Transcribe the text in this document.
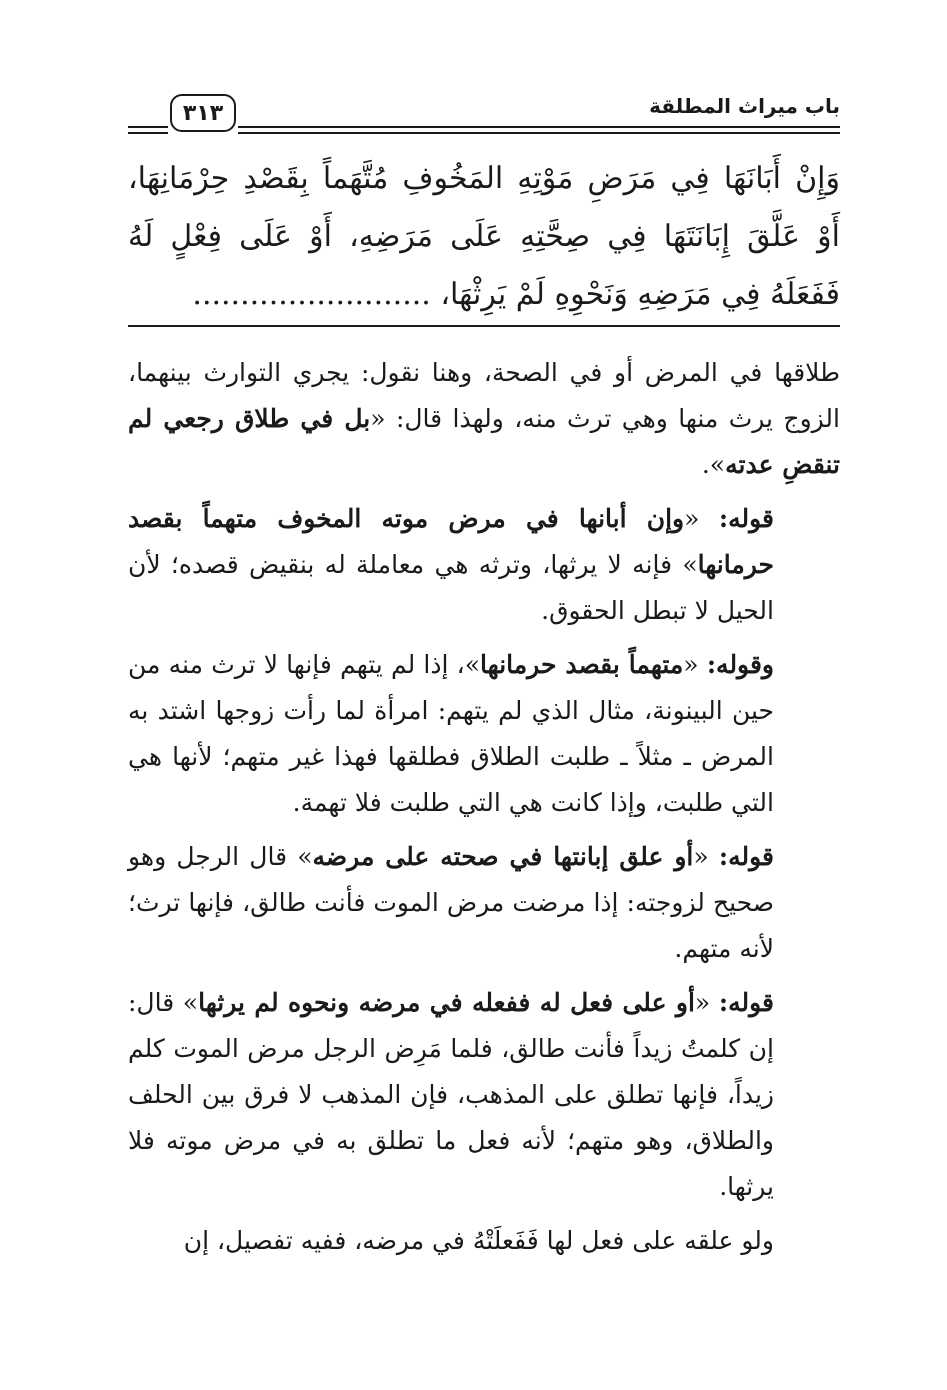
باب ميراث المطلقة
٣١٣
وَإِنْ أَبَانَهَا فِي مَرَضِ مَوْتِهِ المَخُوفِ مُتَّهَماً بِقَصْدِ حِرْمَانِهَا،
أَوْ عَلَّقَ إِبَانَتَهَا فِي صِحَّتِهِ عَلَى مَرَضِهِ، أَوْ عَلَى فِعْلٍ لَهُ
فَفَعَلَهُ فِي مَرَضِهِ وَنَحْوِهِ لَمْ يَرِثْهَا، .........................

طلاقها في المرض أو في الصحة، وهنا نقول: يجري التوارث بينهما، الزوج يرث منها وهي ترث منه، ولهذا قال: «بل في طلاق رجعي لم تنقضِ عدته».

قوله: «وإن أبانها في مرض موته المخوف متهماً بقصد حرمانها» فإنه لا يرثها، وترثه هي معاملة له بنقيض قصده؛ لأن الحيل لا تبطل الحقوق.

وقوله: «متهماً بقصد حرمانها»، إذا لم يتهم فإنها لا ترث منه من حين البينونة، مثال الذي لم يتهم: امرأة لما رأت زوجها اشتد به المرض ـ مثلاً ـ طلبت الطلاق فطلقها فهذا غير متهم؛ لأنها هي التي طلبت، وإذا كانت هي التي طلبت فلا تهمة.

قوله: «أو علق إبانتها في صحته على مرضه» قال الرجل وهو صحيح لزوجته: إذا مرضت مرض الموت فأنت طالق، فإنها ترث؛ لأنه متهم.

قوله: «أو على فعل له ففعله في مرضه ونحوه لم يرثها» قال: إن كلمتُ زيداً فأنت طالق، فلما مَرِض الرجل مرض الموت كلم زيداً، فإنها تطلق على المذهب، فإن المذهب لا فرق بين الحلف والطلاق، وهو متهم؛ لأنه فعل ما تطلق به في مرض موته فلا يرثها.

ولو علقه على فعل لها فَفَعلَتْهُ في مرضه، ففيه تفصيل، إن
